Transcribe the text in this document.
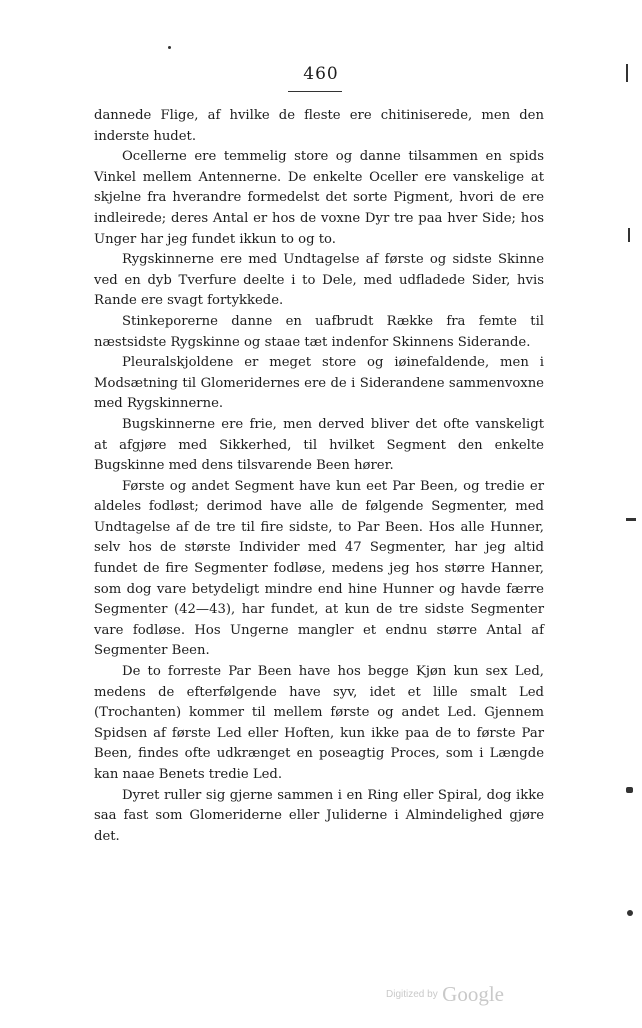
460

dannede Flige, af hvilke de fleste ere chitiniserede, men den inderste hudet.

Ocellerne ere temmelig store og danne tilsammen en spids Vinkel mellem Antennerne. De enkelte Oceller ere vanskelige at skjelne fra hverandre formedelst det sorte Pigment, hvori de ere indleirede; deres Antal er hos de voxne Dyr tre paa hver Side; hos Unger har jeg fundet ikkun to og to.

Rygskinnerne ere med Undtagelse af første og sidste Skinne ved en dyb Tverfure deelte i to Dele, med udfladede Sider, hvis Rande ere svagt fortykkede.

Stinkeporerne danne en uafbrudt Række fra femte til næstsidste Rygskinne og staae tæt indenfor Skinnens Siderande.

Pleuralskjoldene er meget store og iøinefaldende, men i Modsætning til Glomeridernes ere de i Siderandene sammenvoxne med Rygskinnerne.

Bugskinnerne ere frie, men derved bliver det ofte vanskeligt at afgjøre med Sikkerhed, til hvilket Segment den enkelte Bugskinne med dens tilsvarende Been hører.

Første og andet Segment have kun eet Par Been, og tredie er aldeles fodløst; derimod have alle de følgende Segmenter, med Undtagelse af de tre til fire sidste, to Par Been. Hos alle Hunner, selv hos de største Individer med 47 Segmenter, har jeg altid fundet de fire Segmenter fodløse, medens jeg hos større Hanner, som dog vare betydeligt mindre end hine Hunner og havde færre Segmenter (42—43), har fundet, at kun de tre sidste Segmenter vare fodløse. Hos Ungerne mangler et endnu større Antal af Segmenter Been.

De to forreste Par Been have hos begge Kjøn kun sex Led, medens de efterfølgende have syv, idet et lille smalt Led (Trochanten) kommer til mellem første og andet Led. Gjennem Spidsen af første Led eller Hoften, kun ikke paa de to første Par Been, findes ofte udkrænget en poseagtig Proces, som i Længde kan naae Benets tredie Led.

Dyret ruller sig gjerne sammen i en Ring eller Spiral, dog ikke saa fast som Glomeriderne eller Juliderne i Almindelighed gjøre det.

Digitized by Google
